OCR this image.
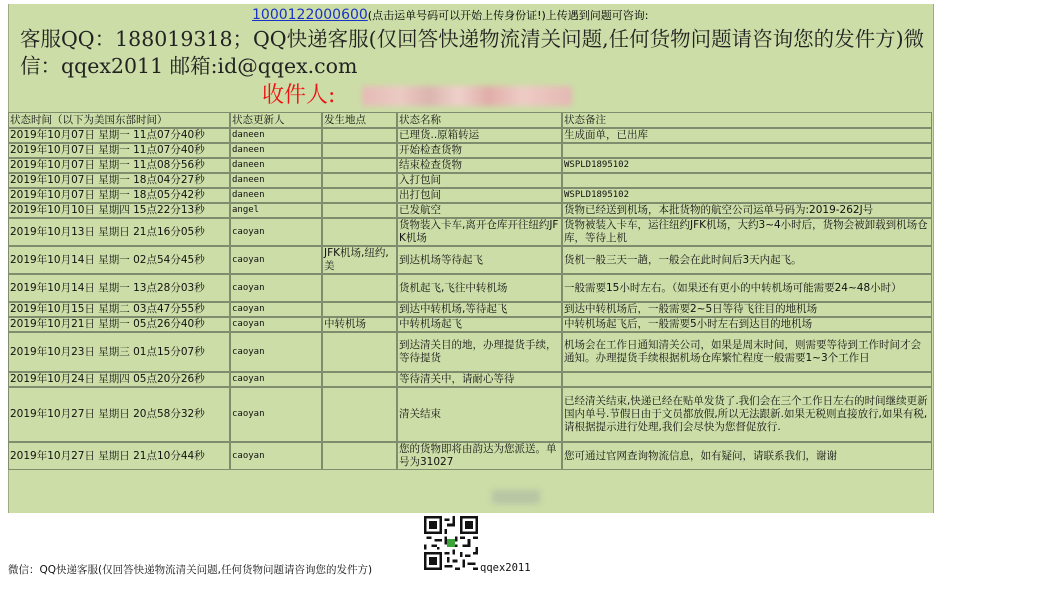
1000122000600(点击运单号码可以开始上传身份证!)上传遇到问题可咨询:
客服QQ：188019318；QQ快递客服(仅回答快递物流清关问题,任何货物问题请咨询您的发件方)微信：qqex2011 邮箱:id@qqex.com
收件人:
状态时间（以下为美国东部时间）	状态更新人	发生地点	状态名称	状态备注
2019年10月07日 星期一 11点07分40秒	daneen		已理货..原箱转运	生成面单，已出库
2019年10月07日 星期一 11点07分40秒	daneen		开始检查货物	
2019年10月07日 星期一 11点08分56秒	daneen		结束检查货物	WSPLD1895102
2019年10月07日 星期一 18点04分27秒	daneen		入打包间	
2019年10月07日 星期一 18点05分42秒	daneen		出打包间	WSPLD1895102
2019年10月10日 星期四 15点22分13秒	angel		已发航空	货物已经送到机场，本批货物的航空公司运单号码为:2019-262J号
2019年10月13日 星期日 21点16分05秒	caoyan		货物装入卡车,离开仓库开往纽约JFK机场	货物被装入卡车，运往纽约JFK机场，大约3~4小时后，货物会被卸载到机场仓库，等待上机
2019年10月14日 星期一 02点54分45秒	caoyan	JFK机场,纽约,美	到达机场等待起飞	货机一般三天一趟，一般会在此时间后3天内起飞。
2019年10月14日 星期一 13点28分03秒	caoyan		货机起飞,飞往中转机场	一般需要15小时左右。（如果还有更小的中转机场可能需要24~48小时）
2019年10月15日 星期二 03点47分55秒	caoyan		到达中转机场,等待起飞	到达中转机场后，一般需要2~5日等待飞往目的地机场
2019年10月21日 星期一 05点26分40秒	caoyan	中转机场	中转机场起飞	中转机场起飞后，一般需要5小时左右到达目的地机场
2019年10月23日 星期三 01点15分07秒	caoyan		到达清关目的地，办理提货手续，等待提货	机场会在工作日通知清关公司，如果是周末时间，则需要等待到工作时间才会通知。办理提货手续根据机场仓库繁忙程度一般需要1~3个工作日
2019年10月24日 星期四 05点20分26秒	caoyan		等待清关中，请耐心等待	
2019年10月27日 星期日 20点58分32秒	caoyan		清关结束	已经清关结束,快递已经在贴单发货了.我们会在三个工作日左右的时间继续更新国内单号.节假日由于文员都放假,所以无法跟新.如果无税则直接放行,如果有税,请根据提示进行处理,我们会尽快为您督促放行.
2019年10月27日 星期日 21点10分44秒	caoyan		您的货物即将由韵达为您派送。单号为31027	您可通过官网查询物流信息，如有疑问，请联系我们，谢谢
微信：QQ快递客服(仅回答快递物流清关问题,任何货物问题请咨询您的发件方)	qqex2011
